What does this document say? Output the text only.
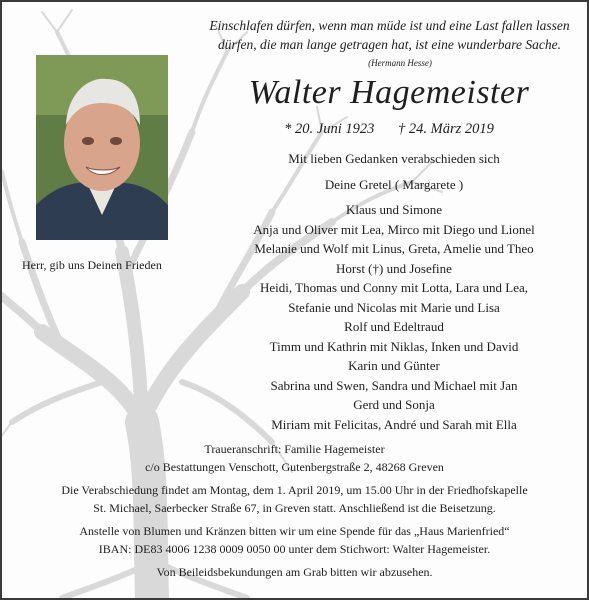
Einschlafen dürfen, wenn man müde ist und eine Last fallen lassen
dürfen, die man lange getragen hat, ist eine wunderbare Sache.
(Hermann Hesse)
Herr, gib uns Deinen Frieden
Walter Hagemeister
* 20. Juni 1923 † 24. März 2019
Mit lieben Gedanken verabschieden sich
Deine Gretel ( Margarete )
Klaus und Simone
Anja und Oliver mit Lea, Mirco mit Diego und Lionel
Melanie und Wolf mit Linus, Greta, Amelie und Theo
Horst (†) und Josefine
Heidi, Thomas und Conny mit Lotta, Lara und Lea,
Stefanie und Nicolas mit Marie und Lisa
Rolf und Edeltraud
Timm und Kathrin mit Niklas, Inken und David
Karin und Günter
Sabrina und Swen, Sandra und Michael mit Jan
Gerd und Sonja
Miriam mit Felicitas, André und Sarah mit Ella
Traueranschrift: Familie Hagemeister
c/o Bestattungen Venschott, Gutenbergstraße 2, 48268 Greven
Die Verabschiedung findet am Montag, dem 1. April 2019, um 15.00 Uhr in der Friedhofskapelle
St. Michael, Saerbecker Straße 67, in Greven statt. Anschließend ist die Beisetzung.
Anstelle von Blumen und Kränzen bitten wir um eine Spende für das „Haus Marienfried“
IBAN: DE83 4006 1238 0009 0050 00 unter dem Stichwort: Walter Hagemeister.
Von Beileidsbekundungen am Grab bitten wir abzusehen.
